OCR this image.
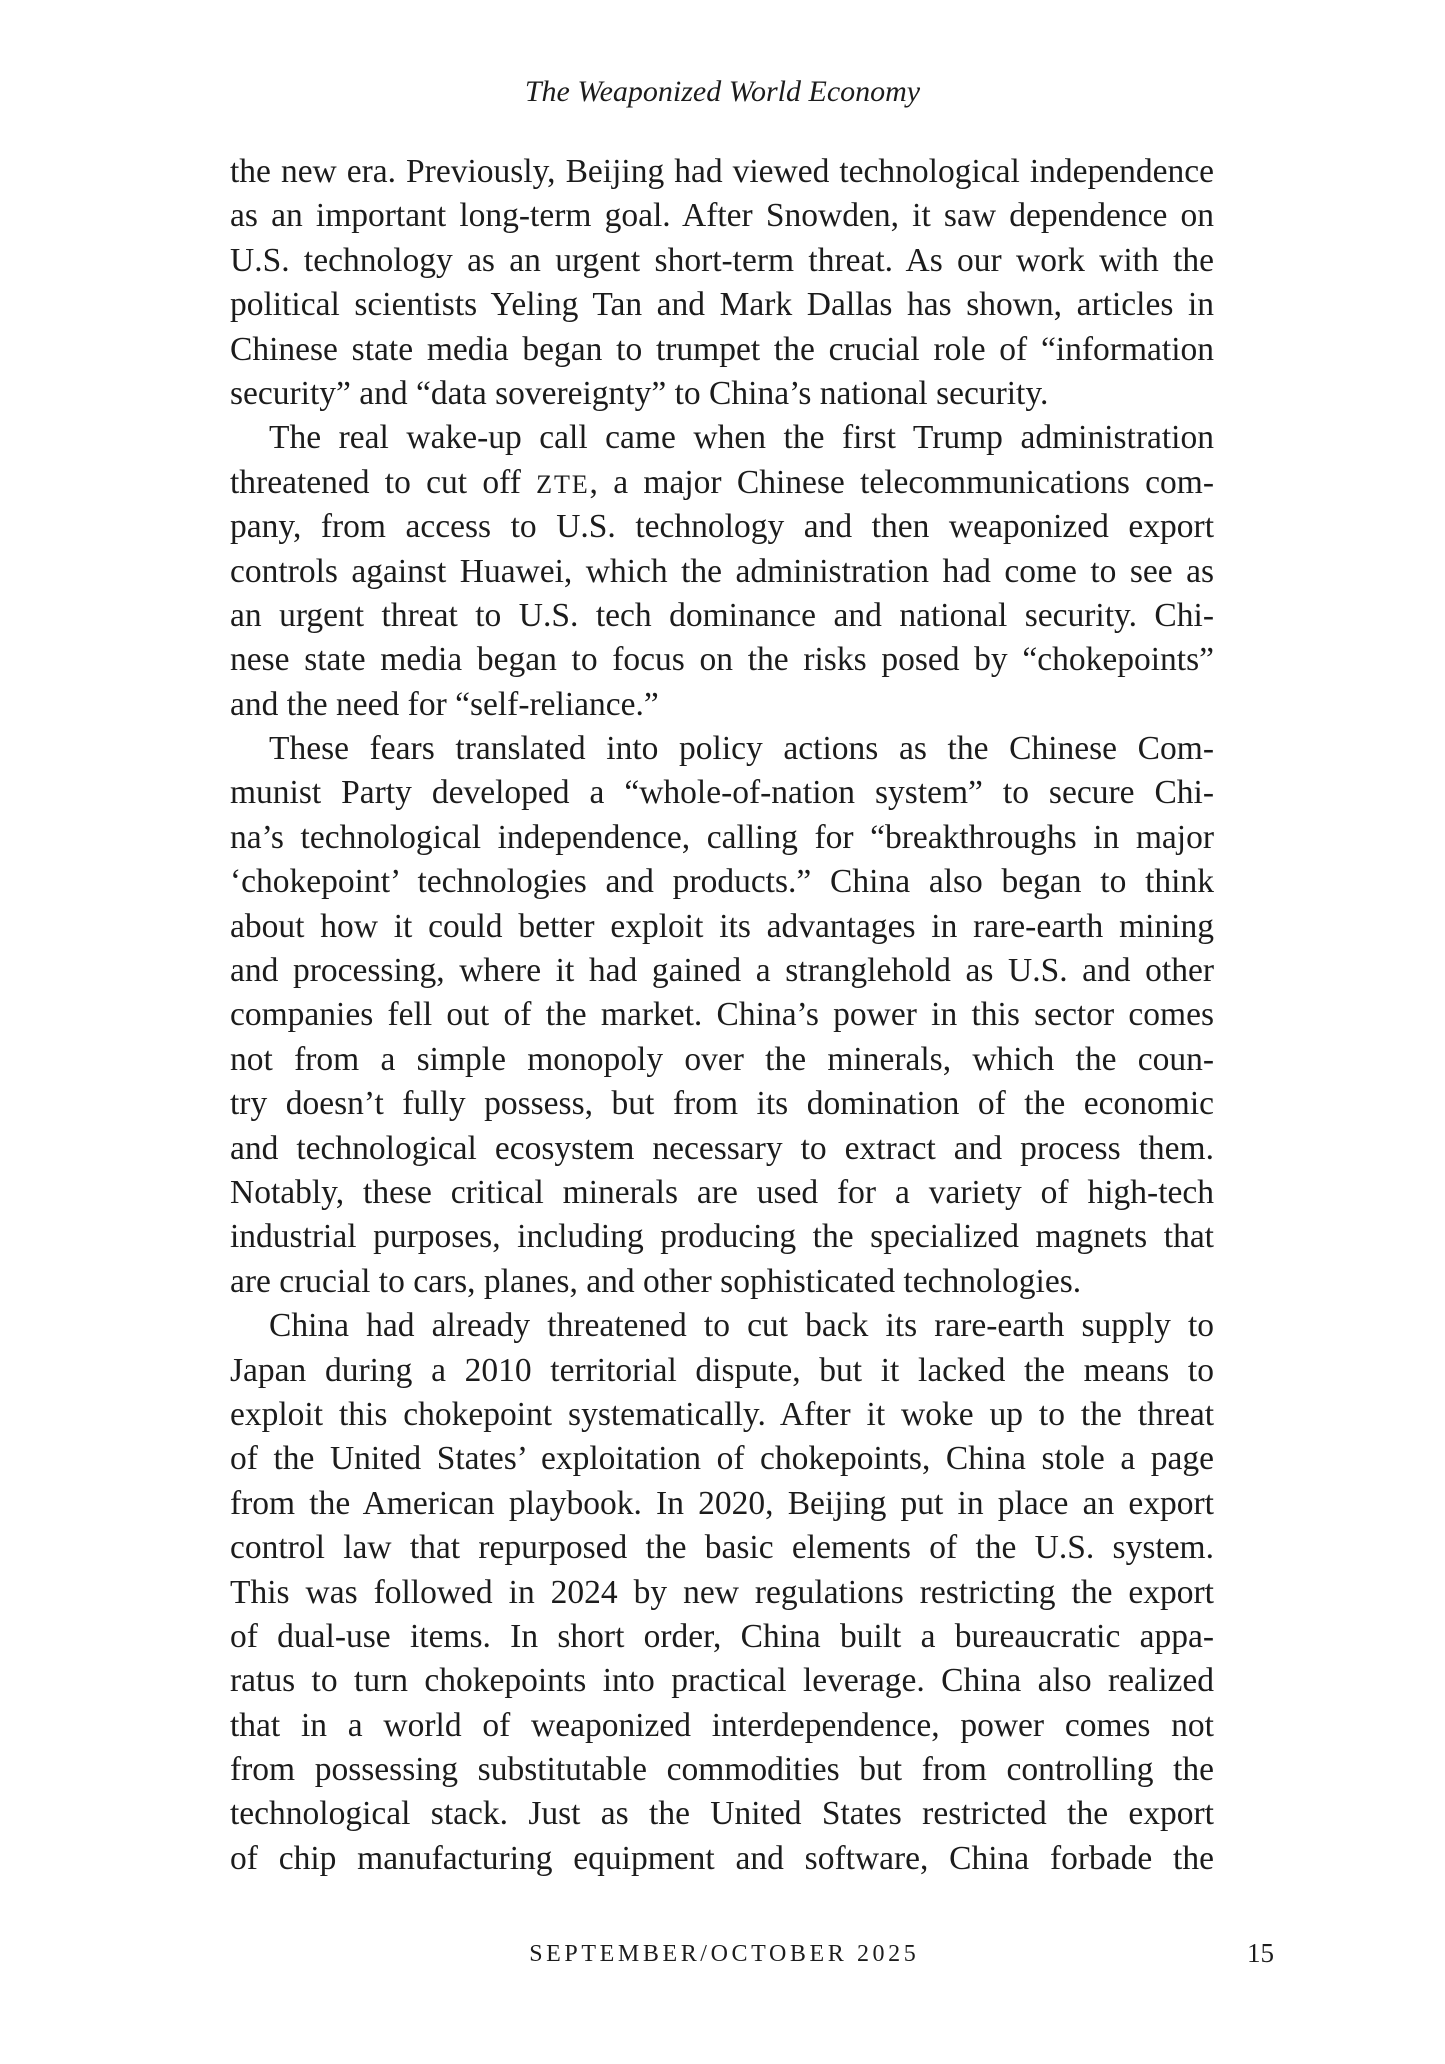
The Weaponized World Economy
the new era. Previously, Beijing had viewed technological independence
as an important long-term goal. After Snowden, it saw dependence on
U.S. technology as an urgent short-term threat. As our work with the
political scientists Yeling Tan and Mark Dallas has shown, articles in
Chinese state media began to trumpet the crucial role of “information
security” and “data sovereignty” to China’s national security.
The real wake-up call came when the first Trump administration
threatened to cut off ZTE, a major Chinese telecommunications com-
pany, from access to U.S. technology and then weaponized export
controls against Huawei, which the administration had come to see as
an urgent threat to U.S. tech dominance and national security. Chi-
nese state media began to focus on the risks posed by “chokepoints”
and the need for “self-reliance.”
These fears translated into policy actions as the Chinese Com-
munist Party developed a “whole-of-nation system” to secure Chi-
na’s technological independence, calling for “breakthroughs in major
‘chokepoint’ technologies and products.” China also began to think
about how it could better exploit its advantages in rare-earth mining
and processing, where it had gained a stranglehold as U.S. and other
companies fell out of the market. China’s power in this sector comes
not from a simple monopoly over the minerals, which the coun-
try doesn’t fully possess, but from its domination of the economic
and technological ecosystem necessary to extract and process them.
Notably, these critical minerals are used for a variety of high-tech
industrial purposes, including producing the specialized magnets that
are crucial to cars, planes, and other sophisticated technologies.
China had already threatened to cut back its rare-earth supply to
Japan during a 2010 territorial dispute, but it lacked the means to
exploit this chokepoint systematically. After it woke up to the threat
of the United States’ exploitation of chokepoints, China stole a page
from the American playbook. In 2020, Beijing put in place an export
control law that repurposed the basic elements of the U.S. system.
This was followed in 2024 by new regulations restricting the export
of dual-use items. In short order, China built a bureaucratic appa-
ratus to turn chokepoints into practical leverage. China also realized
that in a world of weaponized interdependence, power comes not
from possessing substitutable commodities but from controlling the
technological stack. Just as the United States restricted the export
of chip manufacturing equipment and software, China forbade the
SEPTEMBER/OCTOBER 2025	15
